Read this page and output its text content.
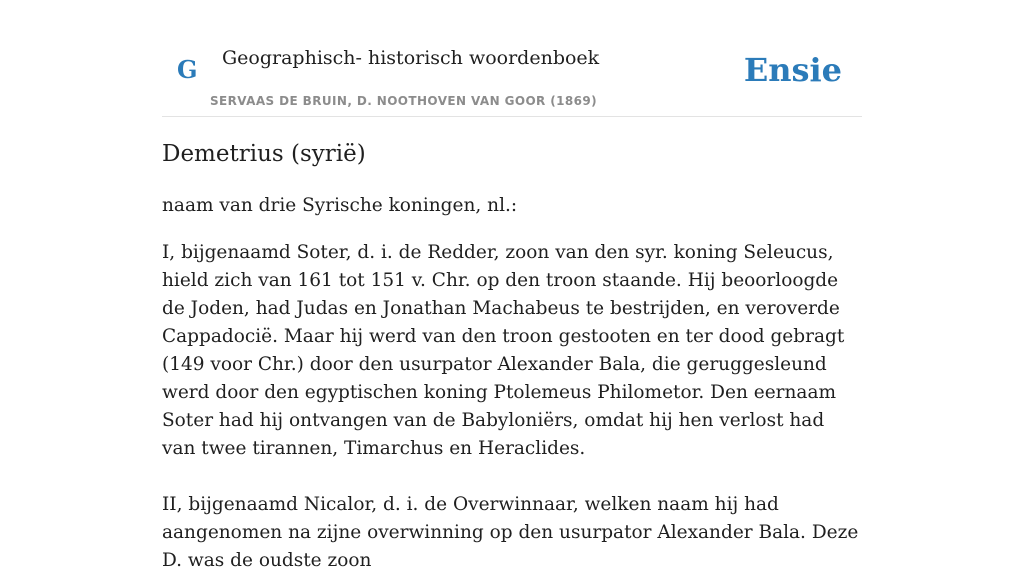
G Geographisch- historisch woordenboek
SERVAAS DE BRUIN, D. NOOTHOVEN VAN GOOR (1869)
Ensie
Demetrius (syrië)

naam van drie Syrische koningen, nl.:

I, bijgenaamd Soter, d. i. de Redder, zoon van den syr. koning Seleucus, hield zich van 161 tot 151 v. Chr. op den troon staande. Hij beoorloogde de Joden, had Judas en Jonathan Machabeus te bestrijden, en veroverde Cappadocië. Maar hij werd van den troon gestooten en ter dood gebragt (149 voor Chr.) door den usurpator Alexander Bala, die geruggesleund werd door den egyptischen koning Ptolemeus Philometor. Den eernaam Soter had hij ontvangen van de Babyloniërs, omdat hij hen verlost had van twee tirannen, Timarchus en Heraclides.

II, bijgenaamd Nicalor, d. i. de Overwinnaar, welken naam hij had aangenomen na zijne overwinning op den usurpator Alexander Bala. Deze D. was de oudste zoon
